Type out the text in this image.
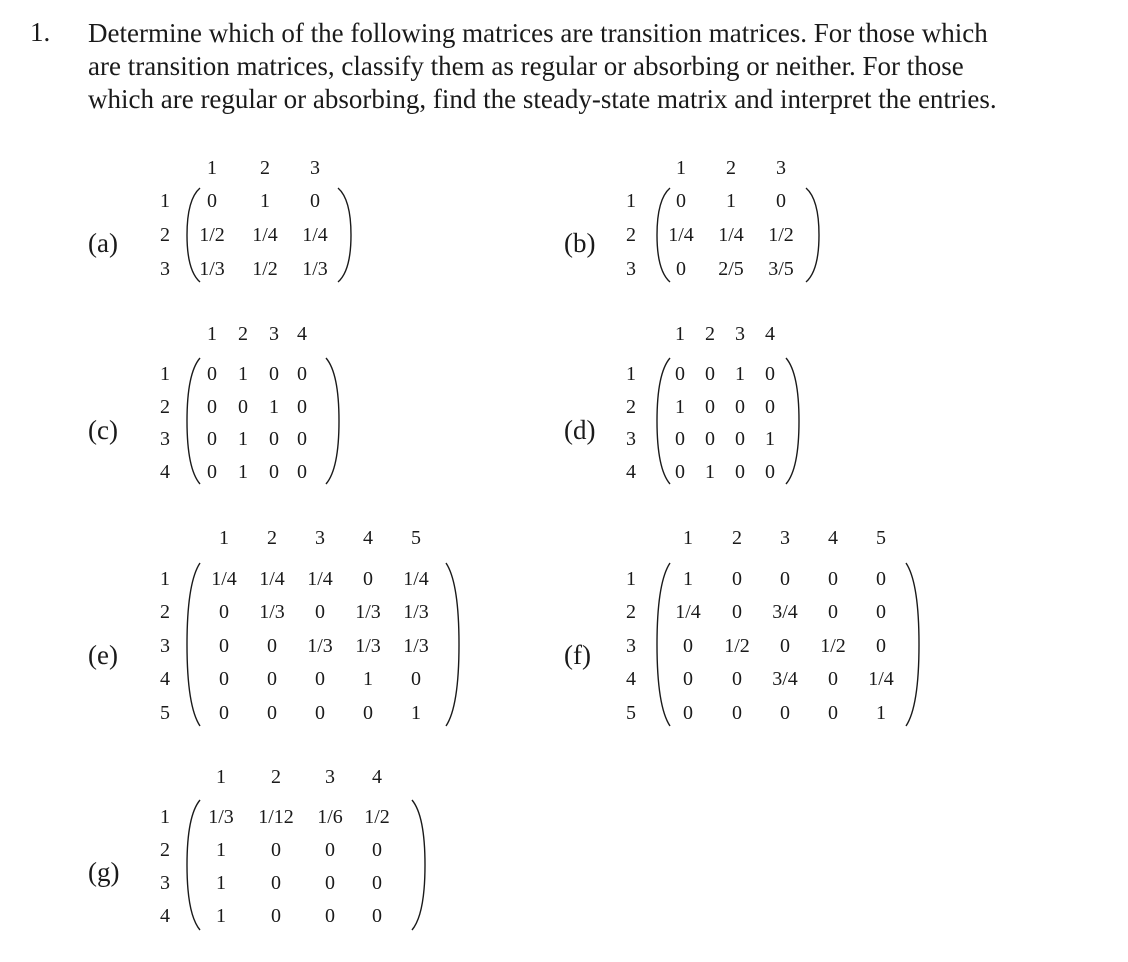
1. Determine which of the following matrices are transition matrices. For those which
are transition matrices, classify them as regular or absorbing or neither. For those
which are regular or absorbing, find the steady-state matrix and interpret the entries.

(a)	(b)
(c)	(d)
(e)	(f)
(g)
1 2 3
1 0 1 0
2 1/2 1/4 1/4
3 1/3 1/2 1/3
1 2 3
1 0 1 0
2 1/4 1/4 1/2
3 0 2/5 3/5
1 2 3 4
1 0 1 0 0
2 0 0 1 0
3 0 1 0 0
4 0 1 0 0
1 2 3 4
1 0 0 1 0
2 1 0 0 0
3 0 0 0 1
4 0 1 0 0
1 2 3 4 5
1 1/4 1/4 1/4 0 1/4
2 0 1/3 0 1/3 1/3
3 0 0 1/3 1/3 1/3
4 0 0 0 1 0
5 0 0 0 0 1
1 2 3 4 5
1 1 0 0 0 0
2 1/4 0 3/4 0 0
3 0 1/2 0 1/2 0
4 0 0 3/4 0 1/4
5 0 0 0 0 1
1 2 3 4
1 1/3 1/12 1/6 1/2
2 1 0 0 0
3 1 0 0 0
4 1 0 0 0
